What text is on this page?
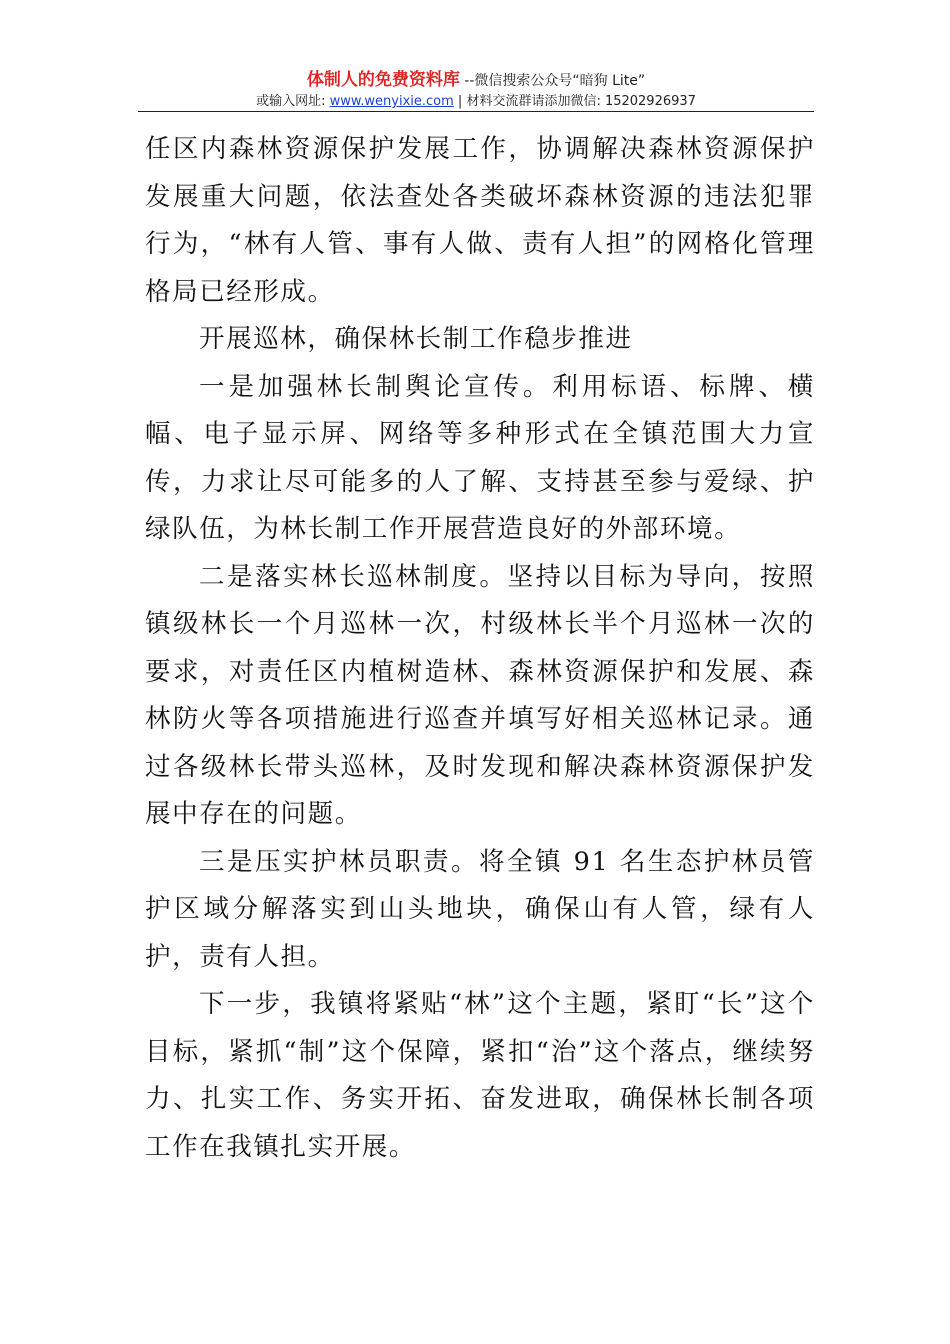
体制人的免费资料库 --微信搜索公众号“暗狗 Lite”
或输入网址: www.wenyixie.com | 材料交流群请添加微信: 15202926937

任区内森林资源保护发展工作，协调解决森林资源保护发展重大问题，依法查处各类破坏森林资源的违法犯罪行为，“林有人管、事有人做、责有人担”的网格化管理格局已经形成。

开展巡林，确保林长制工作稳步推进

一是加强林长制舆论宣传。利用标语、标牌、横幅、电子显示屏、网络等多种形式在全镇范围大力宣传，力求让尽可能多的人了解、支持甚至参与爱绿、护绿队伍，为林长制工作开展营造良好的外部环境。

二是落实林长巡林制度。坚持以目标为导向，按照镇级林长一个月巡林一次，村级林长半个月巡林一次的要求，对责任区内植树造林、森林资源保护和发展、森林防火等各项措施进行巡查并填写好相关巡林记录。通过各级林长带头巡林，及时发现和解决森林资源保护发展中存在的问题。

三是压实护林员职责。将全镇 91 名生态护林员管护区域分解落实到山头地块，确保山有人管，绿有人护，责有人担。

下一步，我镇将紧贴“林”这个主题，紧盯“长”这个目标，紧抓“制”这个保障，紧扣“治”这个落点，继续努力、扎实工作、务实开拓、奋发进取，确保林长制各项工作在我镇扎实开展。
